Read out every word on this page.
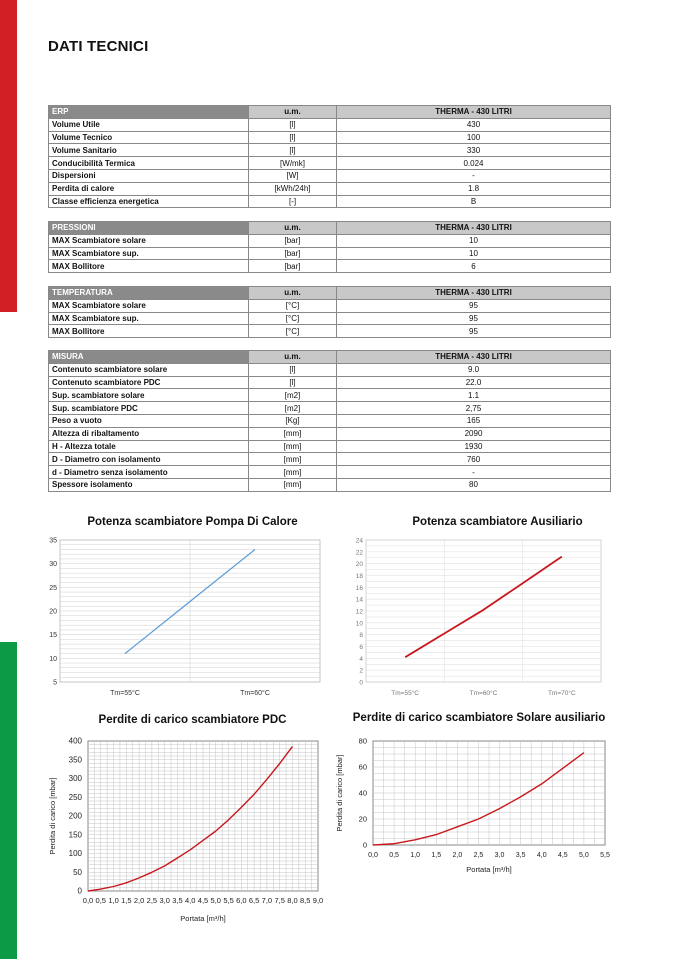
DATI TECNICI
ERP	u.m.	THERMA - 430 LITRI
Volume Utile	[l]	430
Volume Tecnico	[l]	100
Volume Sanitario	[l]	330
Conducibilità Termica	[W/mk]	0.024
Dispersioni	[W]	-
Perdita di calore	[kWh/24h]	1.8
Classe efficienza energetica	[-]	B
PRESSIONI	u.m.	THERMA - 430 LITRI
MAX Scambiatore solare	[bar]	10
MAX Scambiatore sup.	[bar]	10
MAX Bollitore	[bar]	6
TEMPERATURA	u.m.	THERMA - 430 LITRI
MAX Scambiatore solare	[°C]	95
MAX Scambiatore sup.	[°C]	95
MAX Bollitore	[°C]	95
MISURA	u.m.	THERMA - 430 LITRI
Contenuto scambiatore solare	[l]	9.0
Contenuto scambiatore PDC	[l]	22.0
Sup. scambiatore solare	[m2]	1.1
Sup. scambiatore PDC	[m2]	2,75
Peso a vuoto	[Kg]	165
Altezza di ribaltamento	[mm]	2090
H - Altezza totale	[mm]	1930
D - Diametro con isolamento	[mm]	760
d - Diametro senza isolamento	[mm]	-
Spessore isolamento	[mm]	80
Potenza scambiatore Pompa Di Calore
35
30
25
20
15
10
5
Tm=55°C	Tm=60°C
Potenza scambiatore Ausiliario
24
22
20
18
16
14
12
10
8
6
4
2
0
Tm=55°C	Tm=60°C	Tm=70°C
Perdite di carico scambiatore PDC
400
350
300
250
200
150
100
50
0
0,0 0,5 1,0 1,5 2,0 2,5 3,0 3,5 4,0 4,5 5,0 5,5 6,0 6,5 7,0 7,5 8,0 8,5 9,0
Portata [m³/h]
Perdita di carico [mbar]
Perdite di carico scambiatore Solare ausiliario
80
60
40
20
0
0,0 0,5 1,0 1,5 2,0 2,5 3,0 3,5 4,0 4,5 5,0 5,5
Portata [m³/h]
Perdita di carico [mbar]
